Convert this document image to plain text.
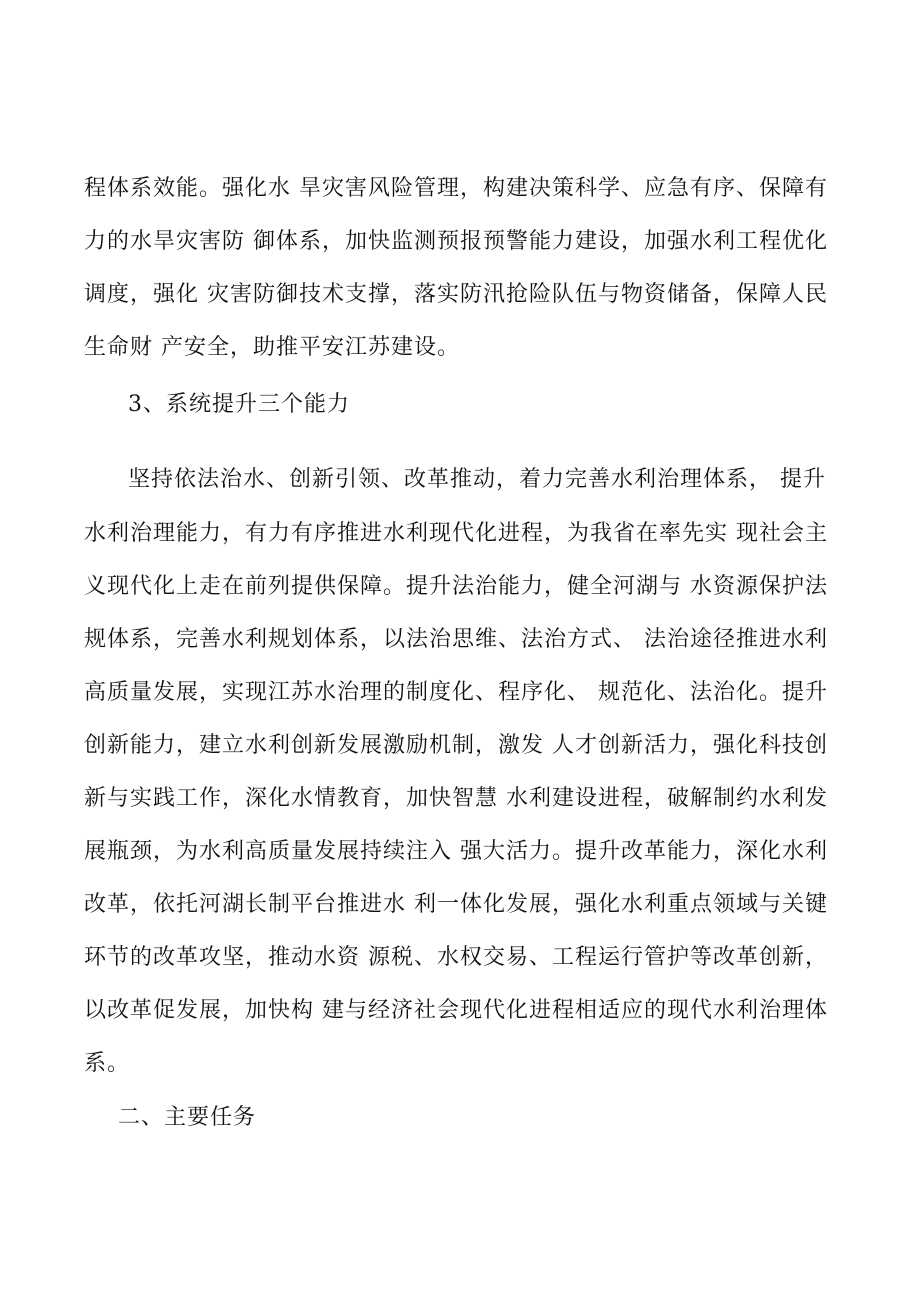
程体系效能。强化水 旱灾害风险管理，构建决策科学、应急有序、保障有
力的水旱灾害防 御体系，加快监测预报预警能力建设，加强水利工程优化
调度，强化 灾害防御技术支撑，落实防汛抢险队伍与物资储备，保障人民
生命财 产安全，助推平安江苏建设。
3、系统提升三个能力
坚持依法治水、创新引领、改革推动，着力完善水利治理体系， 提升
水利治理能力，有力有序推进水利现代化进程，为我省在率先实 现社会主
义现代化上走在前列提供保障。提升法治能力，健全河湖与 水资源保护法
规体系，完善水利规划体系，以法治思维、法治方式、 法治途径推进水利
高质量发展，实现江苏水治理的制度化、程序化、 规范化、法治化。提升
创新能力，建立水利创新发展激励机制，激发 人才创新活力，强化科技创
新与实践工作，深化水情教育，加快智慧 水利建设进程，破解制约水利发
展瓶颈，为水利高质量发展持续注入 强大活力。提升改革能力，深化水利
改革，依托河湖长制平台推进水 利一体化发展，强化水利重点领域与关键
环节的改革攻坚，推动水资 源税、水权交易、工程运行管护等改革创新，
以改革促发展，加快构 建与经济社会现代化进程相适应的现代水利治理体
系。
二、主要任务
